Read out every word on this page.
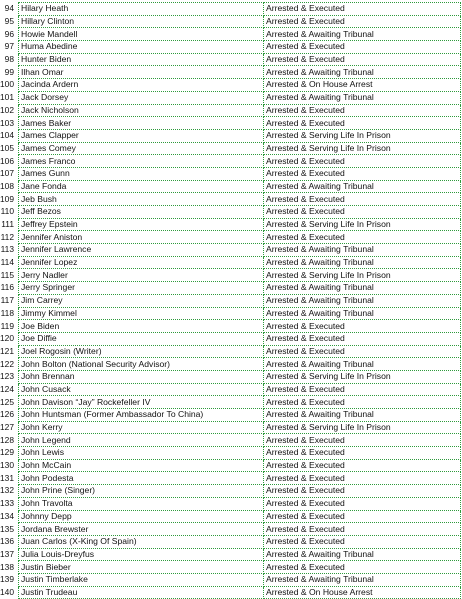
94	Hilary Heath	Arrested & Executed
95	Hillary Clinton	Arrested & Executed
96	Howie Mandell	Arrested & Awaiting Tribunal
97	Huma Abedine	Arrested & Executed
98	Hunter Biden	Arrested & Executed
99	Ilhan Omar	Arrested & Awaiting Tribunal
100	Jacinda Ardern	Arrested & On House Arrest
101	Jack Dorsey	Arrested & Awaiting Tribunal
102	Jack Nicholson	Arrested & Executed
103	James Baker	Arrested & Executed
104	James Clapper	Arrested & Serving Life In Prison
105	James Comey	Arrested & Serving Life In Prison
106	James Franco	Arrested & Executed
107	James Gunn	Arrested & Executed
108	Jane Fonda	Arrested & Awaiting Tribunal
109	Jeb Bush	Arrested & Executed
110	Jeff Bezos	Arrested & Executed
111	Jeffrey Epstein	Arrested & Serving Life In Prison
112	Jennifer Aniston	Arrested & Executed
113	Jennifer Lawrence	Arrested & Awaiting Tribunal
114	Jennifer Lopez	Arrested & Awaiting Tribunal
115	Jerry Nadler	Arrested & Serving Life In Prison
116	Jerry Springer	Arrested & Awaiting Tribunal
117	Jim Carrey	Arrested & Awaiting Tribunal
118	Jimmy Kimmel	Arrested & Awaiting Tribunal
119	Joe Biden	Arrested & Executed
120	Joe Diffie	Arrested & Executed
121	Joel Rogosin (Writer)	Arrested & Executed
122	John Bolton (National Security Advisor)	Arrested & Awaiting Tribunal
123	John Brennan	Arrested & Serving Life In Prison
124	John Cusack	Arrested & Executed
125	John Davison “Jay” Rockefeller IV	Arrested & Executed
126	John Huntsman (Former Ambassador To China)	Arrested & Awaiting Tribunal
127	John Kerry	Arrested & Serving Life In Prison
128	John Legend	Arrested & Executed
129	John Lewis	Arrested & Executed
130	John McCain	Arrested & Executed
131	John Podesta	Arrested & Executed
132	John Prine (Singer)	Arrested & Executed
133	John Travolta	Arrested & Executed
134	Johnny Depp	Arrested & Executed
135	Jordana Brewster	Arrested & Executed
136	Juan Carlos (X-King Of Spain)	Arrested & Executed
137	Julia Louis-Dreyfus	Arrested & Awaiting Tribunal
138	Justin Bieber	Arrested & Executed
139	Justin Timberlake	Arrested & Awaiting Tribunal
140	Justin Trudeau	Arrested & On House Arrest
